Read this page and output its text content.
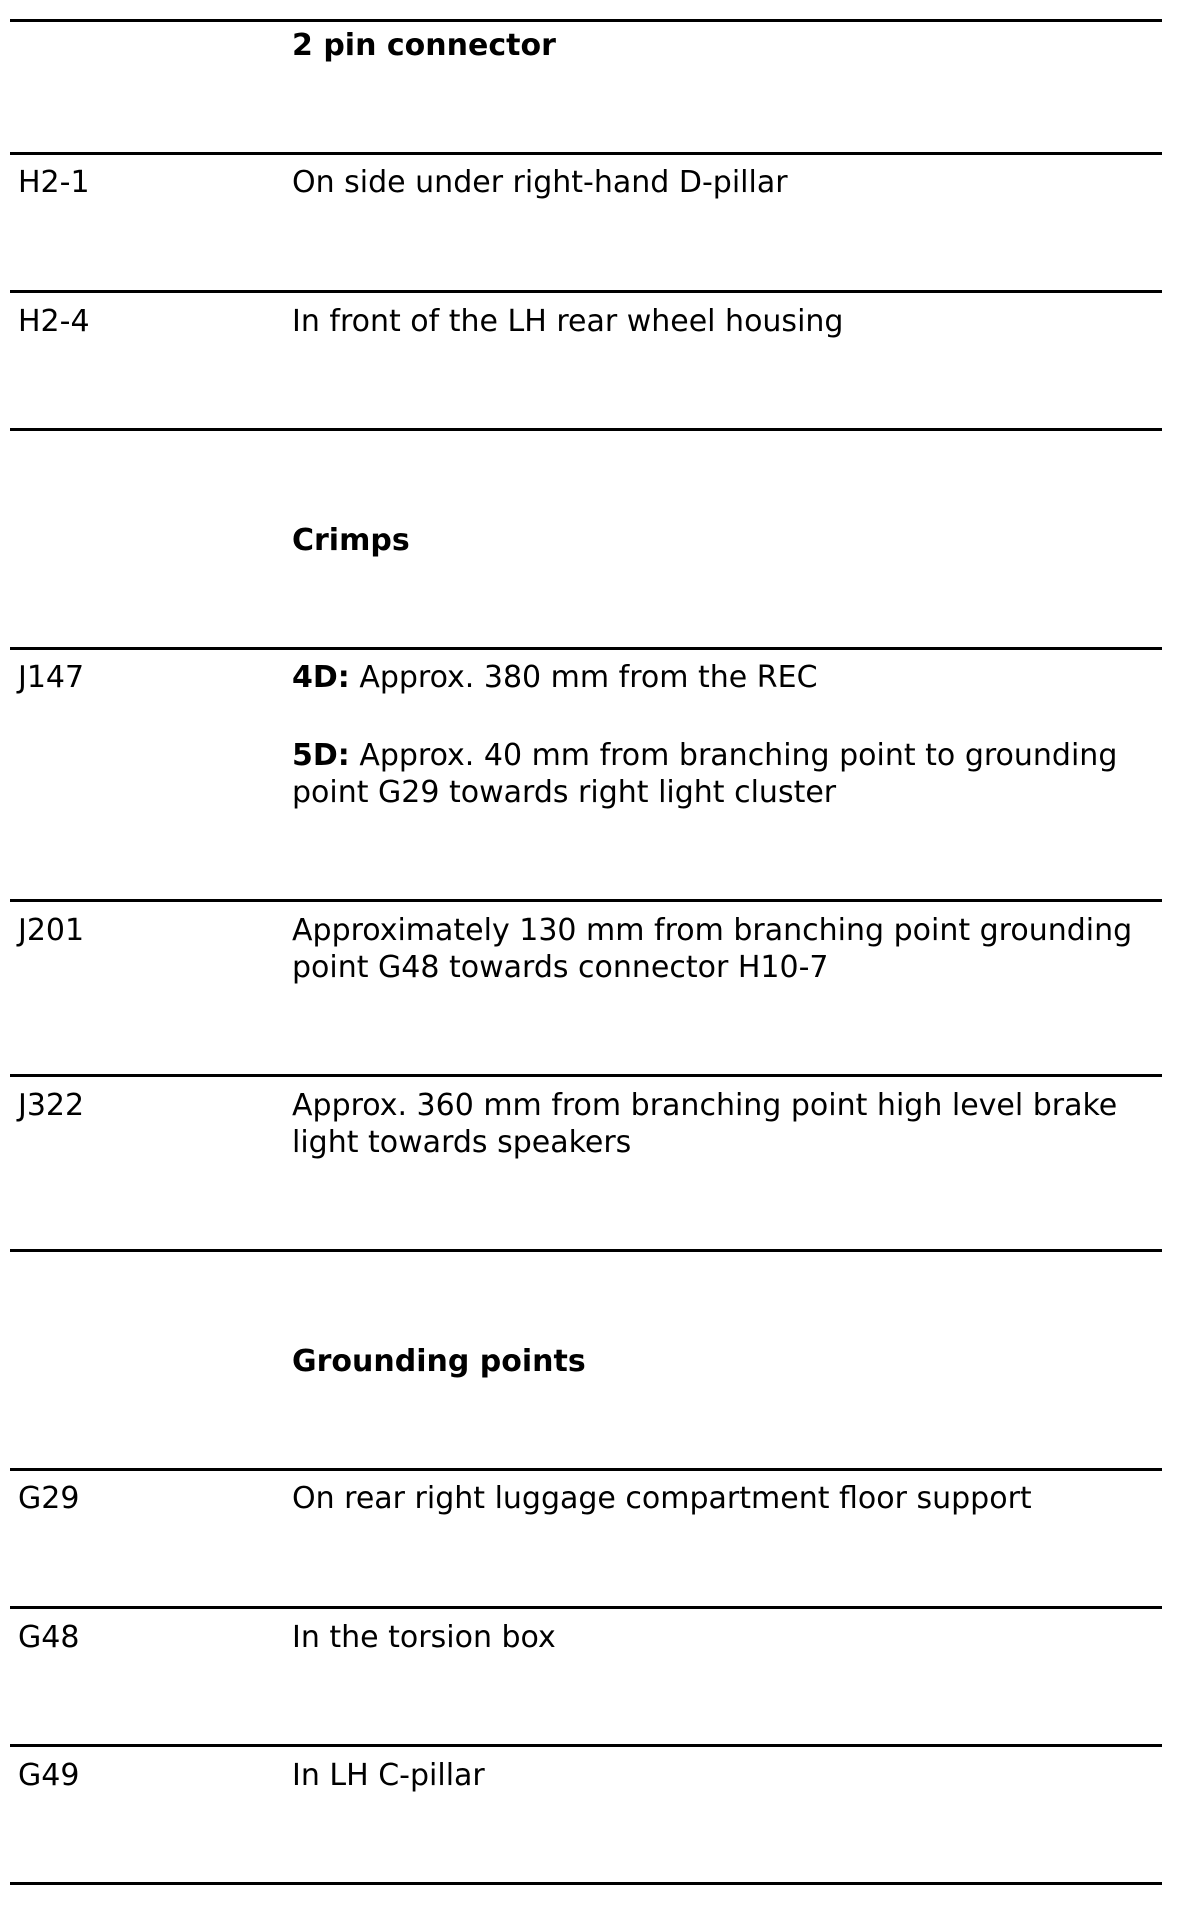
2 pin connector
H2-1	On side under right-hand D-pillar
H2-4	In front of the LH rear wheel housing
Crimps
J147	4D: Approx. 380 mm from the REC
5D: Approx. 40 mm from branching point to grounding point G29 towards right light cluster
J201	Approximately 130 mm from branching point grounding point G48 towards connector H10-7
J322	Approx. 360 mm from branching point high level brake light towards speakers
Grounding points
G29	On rear right luggage compartment floor support
G48	In the torsion box
G49	In LH C-pillar
